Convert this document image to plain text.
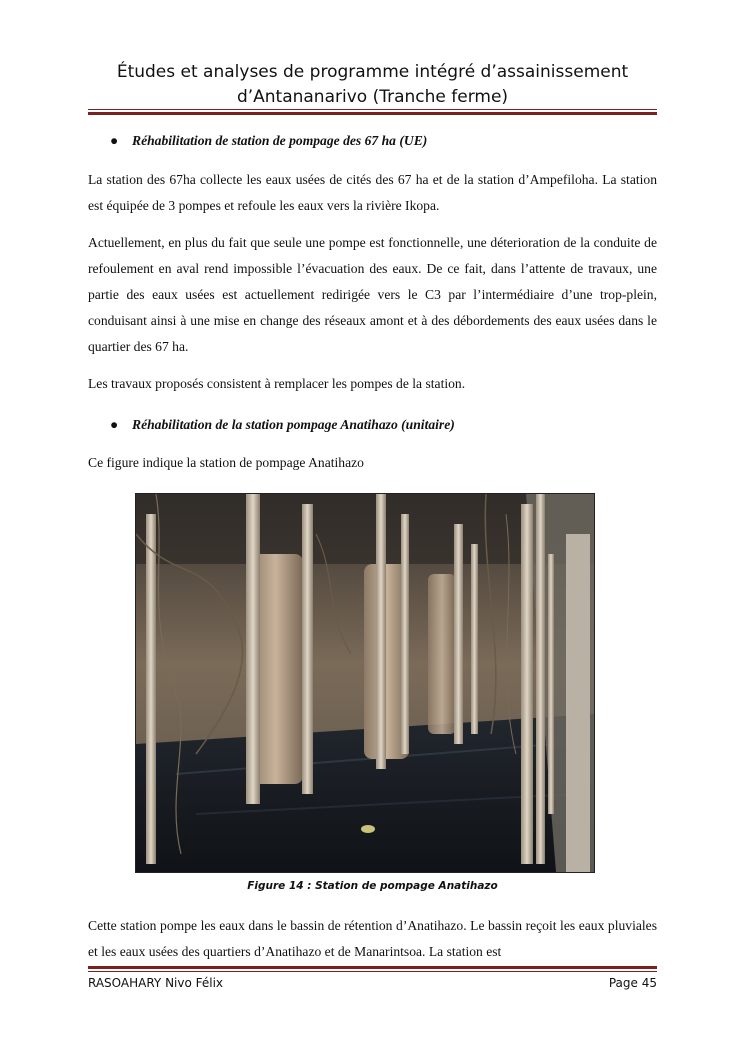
Études et analyses de programme intégré d’assainissement
d’Antananarivo (Tranche ferme)
● Réhabilitation de station de pompage des 67 ha (UE)

La station des 67ha collecte les eaux usées de cités des 67 ha et de la station d’Ampefiloha. La station est équipée de 3 pompes et refoule les eaux vers la rivière Ikopa.

Actuellement, en plus du fait que seule une pompe est fonctionnelle, une déterioration de la conduite de refoulement en aval rend impossible l’évacuation des eaux. De ce fait, dans l’attente de travaux, une partie des eaux usées est actuellement redirigée vers le C3 par l’intermédiaire d’une trop-plein, conduisant ainsi à une mise en change des réseaux amont et à des débordements des eaux usées dans le quartier des 67 ha.

Les travaux proposés consistent à remplacer les pompes de la station.

● Réhabilitation de la station pompage Anatihazo (unitaire)

Ce figure indique la station de pompage Anatihazo

Figure 14 : Station de pompage Anatihazo

Cette station pompe les eaux dans le bassin de rétention d’Anatihazo. Le bassin reçoit les eaux pluviales et les eaux usées des quartiers d’Anatihazo et de Manarintsoa. La station est

RASOAHARY Nivo Félix	Page 45
